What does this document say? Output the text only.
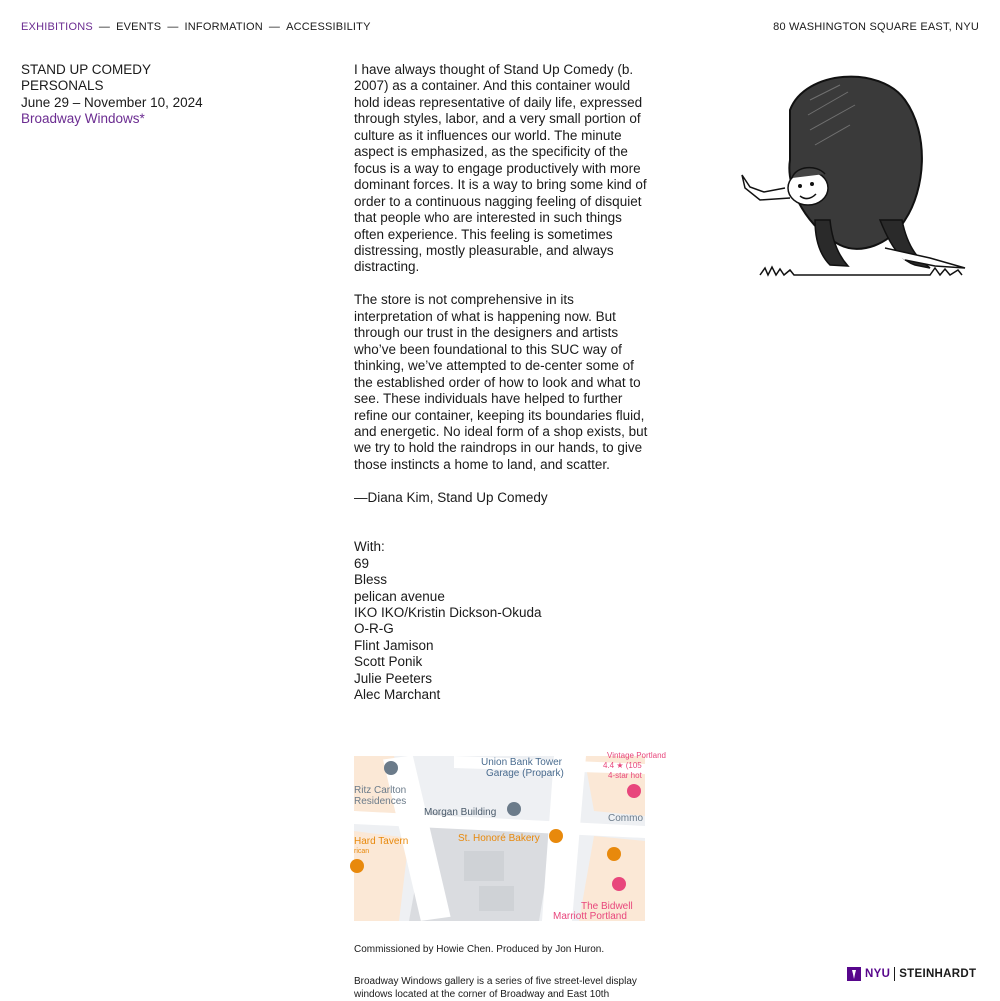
EXHIBITIONS — EVENTS — INFORMATION — ACCESSIBILITY	80 WASHINGTON SQUARE EAST, NYU
STAND UP COMEDY
PERSONALS
June 29 – November 10, 2024
Broadway Windows*

I have always thought of Stand Up Comedy (b. 2007) as a container. And this container would hold ideas representative of daily life, expressed through styles, labor, and a very small portion of culture as it influences our world. The minute aspect is emphasized, as the specificity of the focus is a way to engage productively with more dominant forces. It is a way to bring some kind of order to a continuous nagging feeling of disquiet that people who are interested in such things often experience. This feeling is sometimes distressing, mostly pleasurable, and always distracting.

The store is not comprehensive in its interpretation of what is happening now. But through our trust in the designers and artists who’ve been foundational to this SUC way of thinking, we’ve attempted to de-center some of the established order of how to look and what to see. These individuals have helped to further refine our container, keeping its boundaries fluid, and energetic. No ideal form of a shop exists, but we try to hold the raindrops in our hands, to give those instincts a home to land, and scatter.

—Diana Kim, Stand Up Comedy

With:
69
Bless
pelican avenue
IKO IKO/Kristin Dickson-Okuda
O-R-G
Flint Jamison
Scott Ponik
Julie Peeters
Alec Marchant
Union Bank Tower
Garage (Propark)
Vintage Portland
4.4 ★ (105
4-star hot
Ritz Carlton
Residences
Morgan Building
St. Honoré Bakery
Hard Tavern
rican
Commo
The Bidwell
Marriott Portland
Commissioned by Howie Chen. Produced by Jon Huron.
Broadway Windows gallery is a series of five street-level display windows located at the corner of Broadway and East 10th
NYU STEINHARDT
